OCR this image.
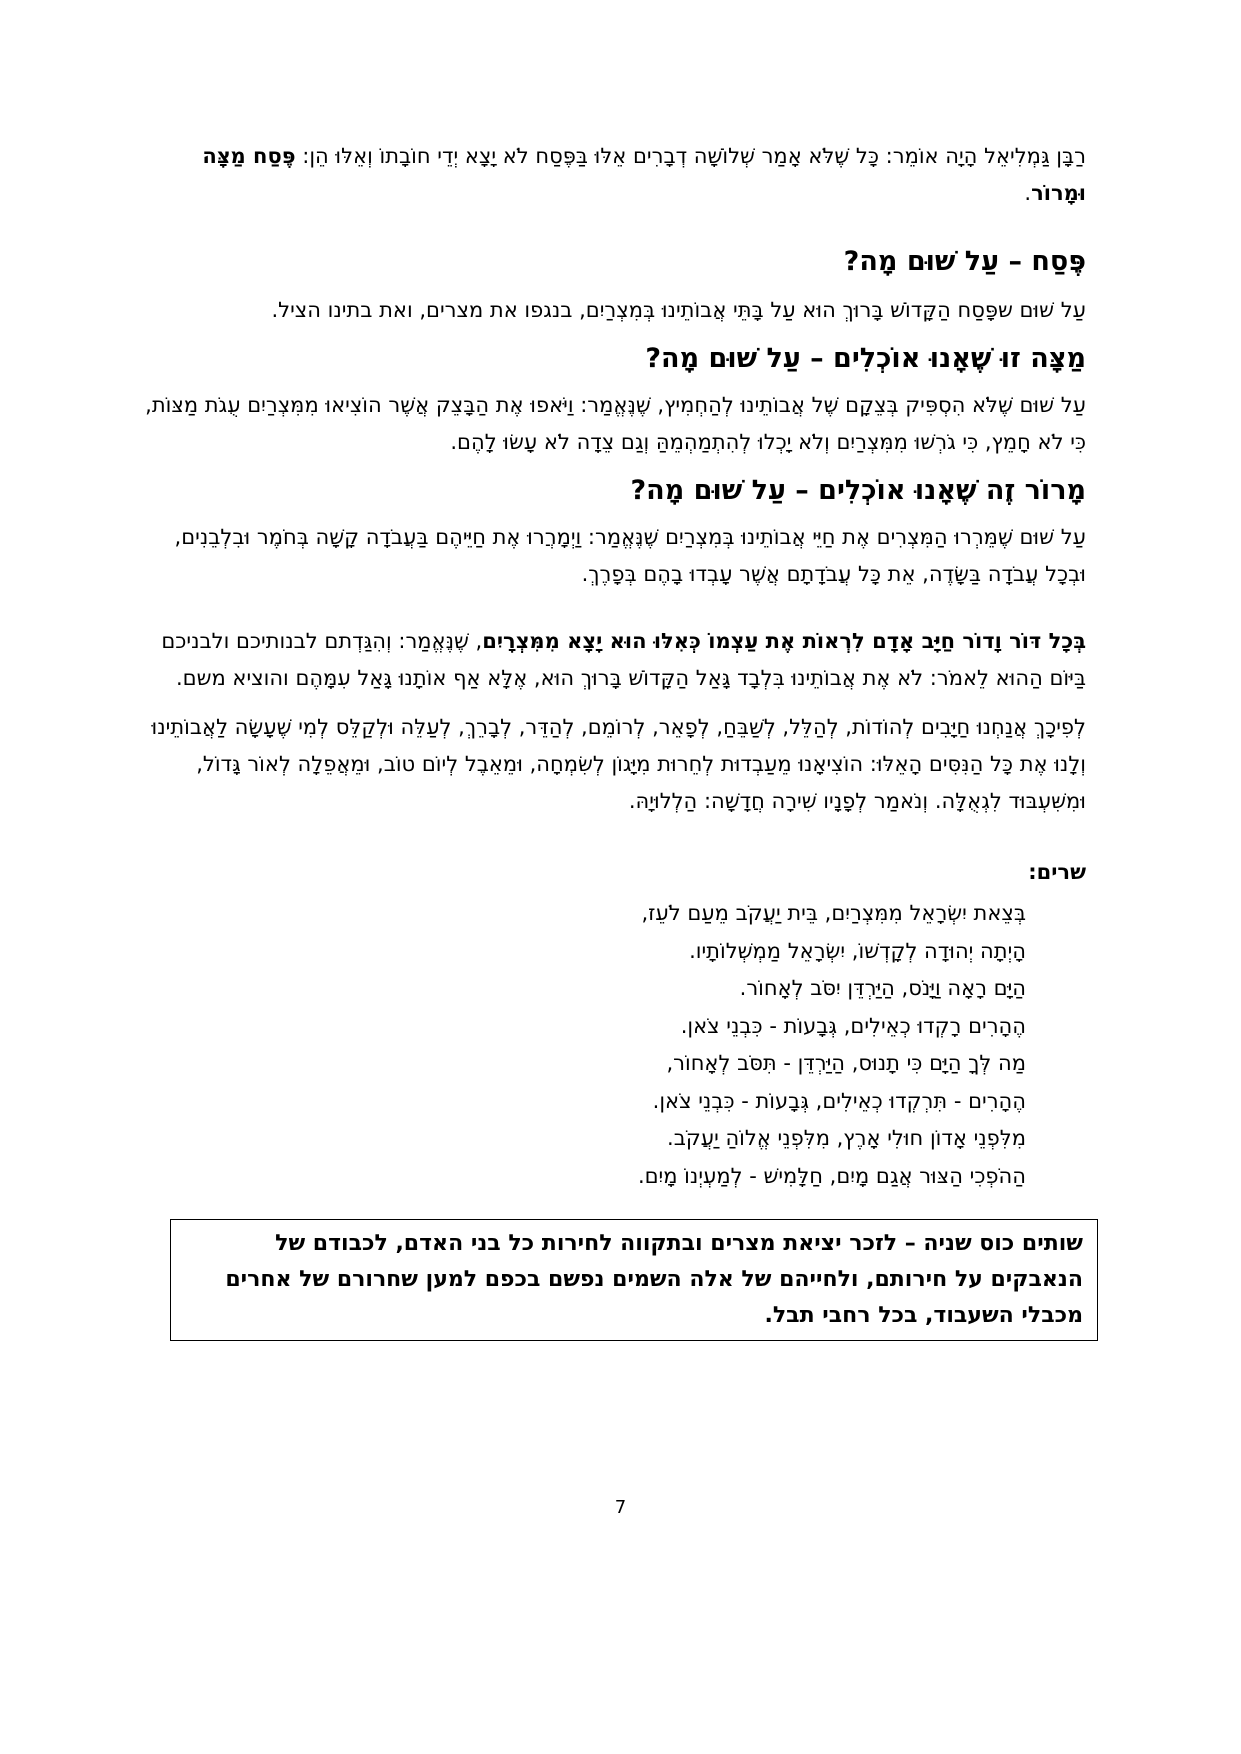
רַבָּן גַּמְלִיאֵל הָיָה אוֹמֵר: כָּל שֶׁלֹּא אָמַר שְׁלוֹשָׁה דְבָרִים אֵלּוּ בַּפֶּסַח לֹא יָצָא יְדֵי חוֹבָתוֹ וְאֵלּוּ הֵן: פֶּסַח מַצָּה וּמָרוֹר.

פֶּסַח – עַל שׁוּם מָה?

עַל שׁוּם שפָּסַח הַקָּדוֹשׁ בָּרוּךְ הוּא עַל בָּתֵּי אֲבוֹתֵינוּ בְּמִצְרַיִם, בנגפו את מצרים, ואת בתינו הציל.

מַצָּה זוּ שֶׁאָנוּ אוֹכְלִים – עַל שׁוּם מָה?

עַל שׁוּם שֶׁלֹּא הִסְפִּיק בְּצֵקָם שֶׁל אֲבוֹתֵינוּ לְהַחְמִיץ, שֶׁנֶּאֱמַר: וַיֹּאפוּ אֶת הַבָּצֵק אֲשֶׁר הוֹצִיאוּ מִמִּצְרַיִם עֻגֹת מַצּוֹת, כִּי לֹא חָמֵץ, כִּי גֹרְשׁוּ מִמִּצְרַיִם וְלֹא יָכְלוּ לְהִתְמַהְמֵהַּ וְגַם צֵדָה לֹא עָשׂוּ לָהֶם.

מָרוֹר זֶה שֶׁאָנוּ אוֹכְלִים – עַל שׁוּם מָה?

עַל שׁוּם שֶׁמֵּרְרוּ הַמִּצְרִים אֶת חַיֵּי אֲבוֹתֵינוּ בְּמִצְרַיִם שֶׁנֶּאֱמַר: וַיְמָרֲרוּ אֶת חַיֵּיהֶם בַּעֲבֹדָה קָשָׁה בְּחֹמֶר וּבִלְבֵנִים, וּבְכָל עֲבֹדָה בַּשָּׂדֶה, אֵת כָּל עֲבֹדָתָם אֲשֶׁר עָבְדוּ בָהֶם בְּפָרֶךְ.

בְּכָל דּוֹר וָדוֹר חַיָּב אָדָם לִרְאוֹת אֶת עַצְמוֹ כְּאִלּוּ הוּא יָצָא מִמִּצְרָיִם, שֶׁנֶּאֱמַר: וְהִגַּדְתם לבנותיכם ולבניכם בַּיּוֹם הַהוּא לֵאמֹר: לֹא אֶת אֲבוֹתֵינוּ בִּלְבָד גָּאַל הַקָּדוֹשׁ בָּרוּךְ הוּא, אֶלָּא אַף אוֹתָנוּ גָּאַל עִמָּהֶם והוציא משם.

לְפִיכָךְ אֲנַחְנוּ חַיָּבִים לְהוֹדוֹת, לְהַלֵּל, לְשַׁבֵּחַ, לְפָאֵר, לְרוֹמֵם, לְהַדֵּר, לְבָרֵךְ, לְעַלֵּה וּלְקַלֵּס לְמִי שֶׁעָשָׂה לַאֲבוֹתֵינוּ וְלָנוּ אֶת כָּל הַנִּסִּים הָאֵלּוּ: הוֹצִיאָנוּ מֵעַבְדוּת לְחֵרוּת מִיָּגוֹן לְשִׂמְחָה, וּמֵאֵבֶל לְיוֹם טוֹב, וּמֵאֲפֵלָה לְאוֹר גָּדוֹל, וּמִשִּׁעְבּוּד לִגְאֻלָּה. וְנֹאמַר לְפָנָיו שִׁירָה חֲדָשָׁה: הַלְלוּיָהּ.

שרים:
בְּצֵאת יִשְׂרָאֵל מִמִּצְרַיִם, בֵּית יַעֲקֹב מֵעַם לֹעֵז,
הָיְתָה יְהוּדָה לְקָדְשׁוֹ, יִשְׂרָאֵל מַמְשְׁלוֹתָיו.
הַיָּם רָאָה וַיָּנֹס, הַיַּרְדֵּן יִסֹּב לְאָחוֹר.
הֶהָרִים רָקְדוּ כְאֵילִים, גְּבָעוֹת - כִּבְנֵי צֹאן.
מַה לְּךָ הַיָּם כִּי תָנוּס, הַיַּרְדֵּן - תִּסֹּב לְאָחוֹר,
הֶהָרִים - תִּרְקְדוּ כְאֵילִים, גְּבָעוֹת - כִּבְנֵי צֹאן.
מִלִּפְנֵי אָדוֹן חוּלִי אָרֶץ, מִלִּפְנֵי אֱלוֹהַ יַעֲקֹב.
הַהֹפְכִי הַצּוּר אֲגַם מָיִם, חַלָּמִישׁ - לְמַעְיְנוֹ מָיִם.
שותים כוס שניה – לזכר יציאת מצרים ובתקווה לחירות כל בני האדם, לכבודם של הנאבקים על חירותם, ולחייהם של אלה השמים נפשם בכפם למען שחרורם של אחרים מכבלי השעבוד, בכל רחבי תבל.
7
